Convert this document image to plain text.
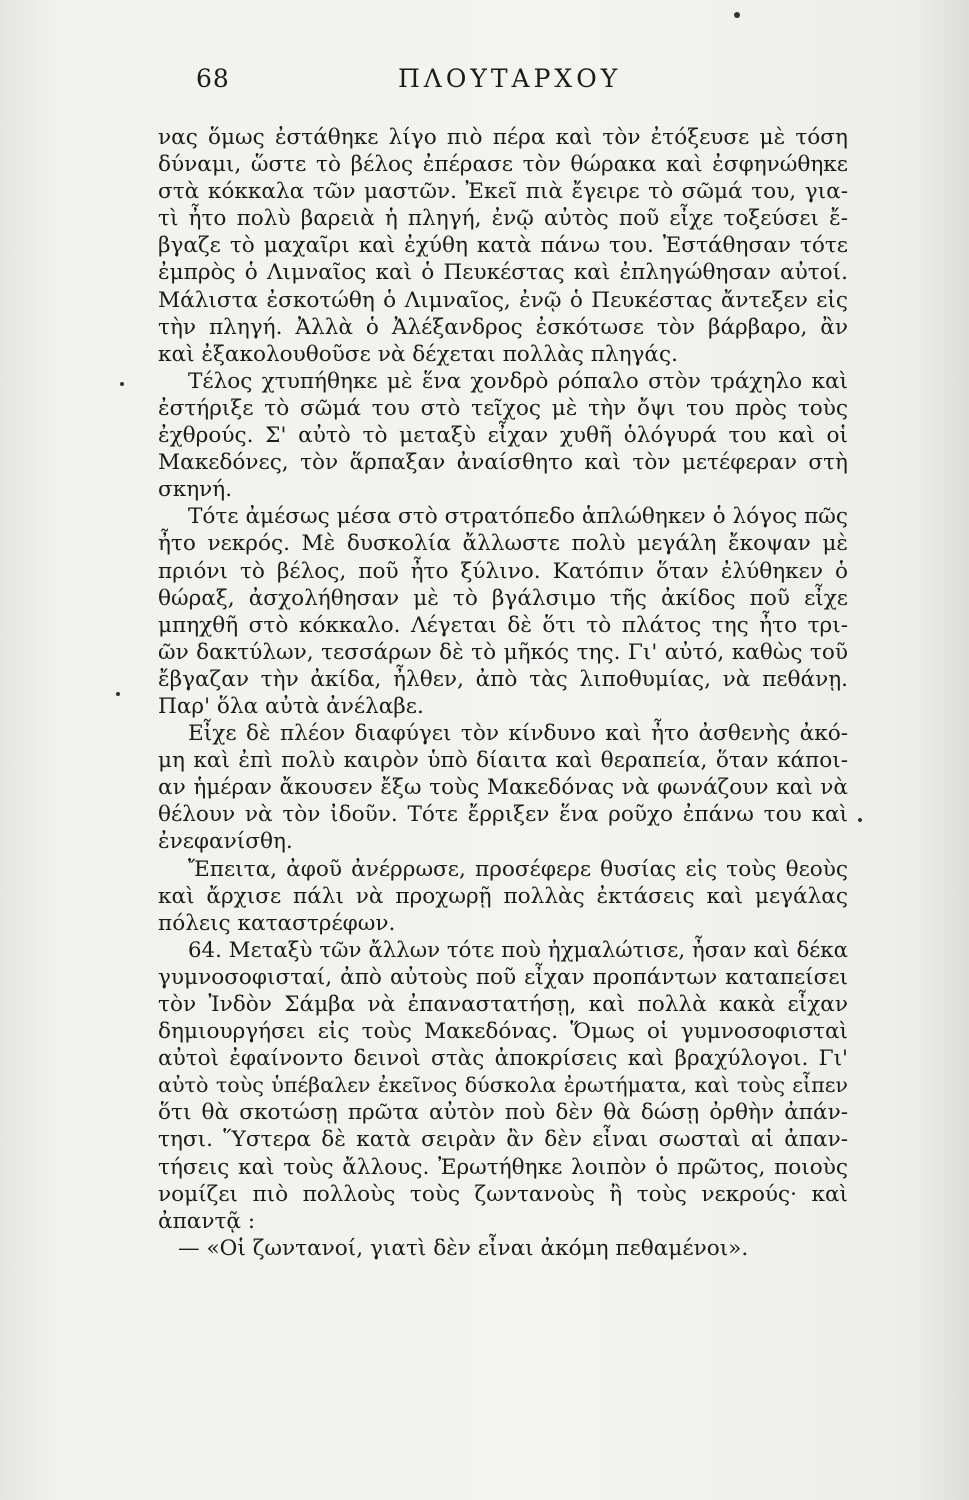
68	ΠΛΟΥΤΑΡΧΟΥ

νας ὅμως ἐστάθηκε λίγο πιὸ πέρα καὶ τὸν ἐτόξευσε μὲ τόση
δύναμι, ὥστε τὸ βέλος ἐπέρασε τὸν θώρακα καὶ ἐσφηνώθηκε
στὰ κόκκαλα τῶν μαστῶν. Ἐκεῖ πιὰ ἔγειρε τὸ σῶμά του, για-
τὶ ἦτο πολὺ βαρειὰ ἡ πληγή, ἐνῷ αὐτὸς ποῦ εἶχε τοξεύσει ἔ-
βγαζε τὸ μαχαῖρι καὶ ἐχύθη κατὰ πάνω του. Ἐστάθησαν τότε
ἐμπρὸς ὁ Λιμναῖος καὶ ὁ Πευκέστας καὶ ἐπληγώθησαν αὐτοί.
Μάλιστα ἐσκοτώθη ὁ Λιμναῖος, ἐνῷ ὁ Πευκέστας ἄντεξεν εἰς
τὴν πληγή. Ἀλλὰ ὁ Ἀλέξανδρος ἐσκότωσε τὸν βάρβαρο, ἂν
καὶ ἐξακολουθοῦσε νὰ δέχεται πολλὰς πληγάς.

Τέλος χτυπήθηκε μὲ ἕνα χονδρὸ ρόπαλο στὸν τράχηλο καὶ
ἐστήριξε τὸ σῶμά του στὸ τεῖχος μὲ τὴν ὄψι του πρὸς τοὺς
ἐχθρούς. Σ' αὐτὸ τὸ μεταξὺ εἶχαν χυθῆ ὁλόγυρά του καὶ οἱ
Μακεδόνες, τὸν ἅρπαξαν ἀναίσθητο καὶ τὸν μετέφεραν στὴ
σκηνή.

Τότε ἀμέσως μέσα στὸ στρατόπεδο ἁπλώθηκεν ὁ λόγος πῶς
ἦτο νεκρός. Μὲ δυσκολία ἄλλωστε πολὺ μεγάλη ἔκοψαν μὲ
πριόνι τὸ βέλος, ποῦ ἦτο ξύλινο. Κατόπιν ὅταν ἐλύθηκεν ὁ
θώραξ, ἀσχολήθησαν μὲ τὸ βγάλσιμο τῆς ἀκίδος ποῦ εἶχε
μπηχθῆ στὸ κόκκαλο. Λέγεται δὲ ὅτι τὸ πλάτος της ἦτο τρι-
ῶν δακτύλων, τεσσάρων δὲ τὸ μῆκός της. Γι' αὐτό, καθὼς τοῦ
ἔβγαζαν τὴν ἀκίδα, ἦλθεν, ἀπὸ τὰς λιποθυμίας, νὰ πεθάνῃ.
Παρ' ὅλα αὐτὰ ἀνέλαβε.

Εἶχε δὲ πλέον διαφύγει τὸν κίνδυνο καὶ ἦτο ἀσθενὴς ἀκό-
μη καὶ ἐπὶ πολὺ καιρὸν ὑπὸ δίαιτα καὶ θεραπεία, ὅταν κάποι-
αν ἡμέραν ἄκουσεν ἔξω τοὺς Μακεδόνας νὰ φωνάζουν καὶ νὰ
θέλουν νὰ τὸν ἰδοῦν. Τότε ἔρριξεν ἕνα ροῦχο ἐπάνω του καὶ
ἐνεφανίσθη.

Ἔπειτα, ἀφοῦ ἀνέρρωσε, προσέφερε θυσίας εἰς τοὺς θεοὺς
καὶ ἄρχισε πάλι νὰ προχωρῇ πολλὰς ἐκτάσεις καὶ μεγάλας
πόλεις καταστρέφων.

64. Μεταξὺ τῶν ἄλλων τότε ποὺ ἠχμαλώτισε, ἦσαν καὶ δέκα
γυμνοσοφισταί, ἀπὸ αὐτοὺς ποῦ εἶχαν προπάντων καταπείσει
τὸν Ἰνδὸν Σάμβα νὰ ἐπαναστατήσῃ, καὶ πολλὰ κακὰ εἶχαν
δημιουργήσει εἰς τοὺς Μακεδόνας. Ὅμως οἱ γυμνοσοφισταὶ
αὐτοὶ ἐφαίνοντο δεινοὶ στὰς ἀποκρίσεις καὶ βραχύλογοι. Γι'
αὐτὸ τοὺς ὑπέβαλεν ἐκεῖνος δύσκολα ἐρωτήματα, καὶ τοὺς εἶπεν
ὅτι θὰ σκοτώσῃ πρῶτα αὐτὸν ποὺ δὲν θὰ δώσῃ ὀρθὴν ἀπάν-
τησι. Ὕστερα δὲ κατὰ σειρὰν ἂν δὲν εἶναι σωσταὶ αἱ ἀπαν-
τήσεις καὶ τοὺς ἄλλους. Ἐρωτήθηκε λοιπὸν ὁ πρῶτος, ποιοὺς
νομίζει πιὸ πολλοὺς τοὺς ζωντανοὺς ἢ τοὺς νεκρούς· καὶ
ἀπαντᾷ :

— «Οἱ ζωντανοί, γιατὶ δὲν εἶναι ἀκόμη πεθαμένοι».
